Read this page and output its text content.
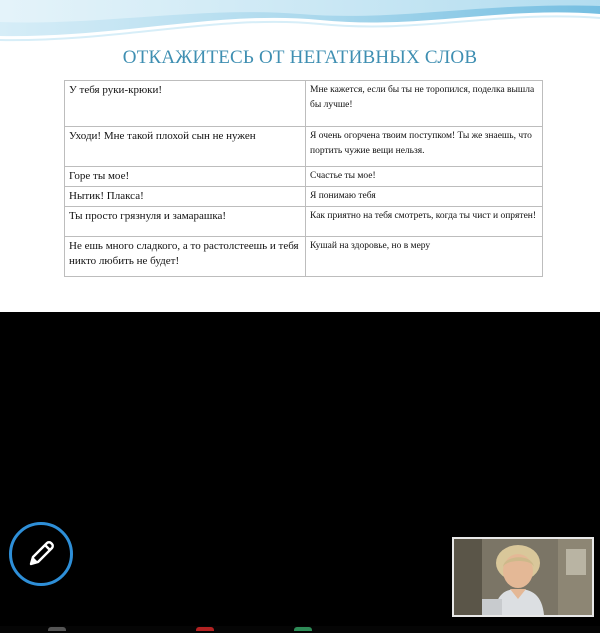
ОТКАЖИТЕСЬ ОТ НЕГАТИВНЫХ СЛОВ
У тебя руки-крюки!	Мне кажется, если бы ты не торопился, поделка вышла бы лучше!
Уходи! Мне такой плохой сын не нужен	Я очень огорчена твоим поступком! Ты же знаешь, что портить чужие вещи нельзя.
Горе ты мое!	Счастье ты мое!
Нытик! Плакса!	Я понимаю тебя
Ты просто грязнуля и замарашка!	Как приятно на тебя смотреть, когда ты чист и опрятен!
Не ешь много сладкого, а то растолстеешь и тебя никто любить не будет!	Кушай на здоровье, но в меру
